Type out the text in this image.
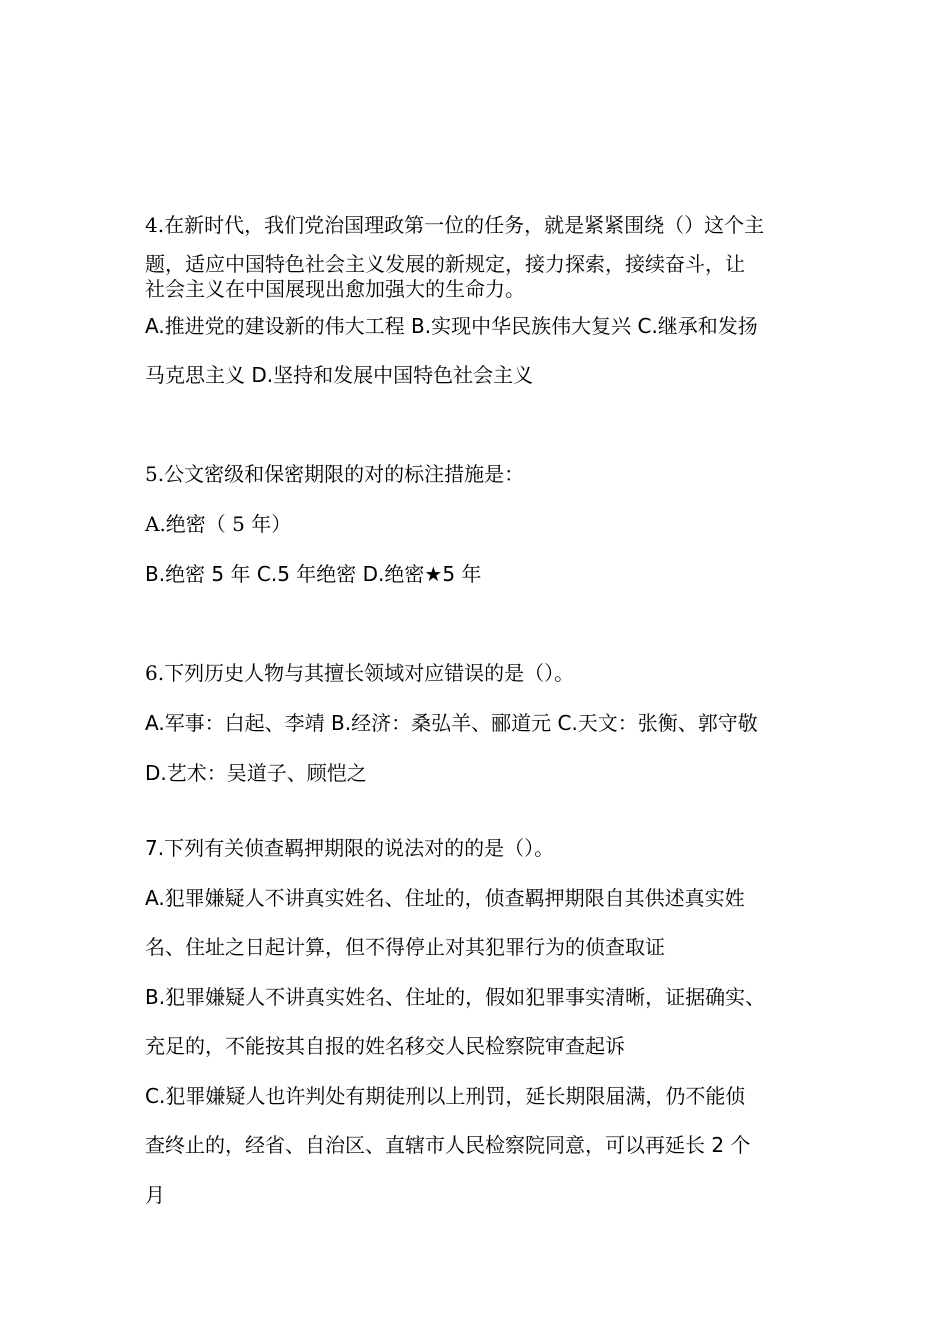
4.在新时代，我们党治国理政第一位的任务，就是紧紧围绕（）这个主
题，适应中国特色社会主义发展的新规定，接力探索，接续奋斗，让
社会主义在中国展现出愈加强大的生命力。
A.推进党的建设新的伟大工程 B.实现中华民族伟大复兴 C.继承和发扬
马克思主义 D.坚持和发展中国特色社会主义
5.公文密级和保密期限的对的标注措施是：
A.绝密（ 5 年）
B.绝密 5 年 C.5 年绝密 D.绝密★5 年
6.下列历史人物与其擅长领域对应错误的是（）。
A.军事：白起、李靖 B.经济：桑弘羊、郦道元 C.天文：张衡、郭守敬
D.艺术：吴道子、顾恺之
7.下列有关侦查羁押期限的说法对的的是（）。
A.犯罪嫌疑人不讲真实姓名、住址的，侦查羁押期限自其供述真实姓
名、住址之日起计算，但不得停止对其犯罪行为的侦查取证
B.犯罪嫌疑人不讲真实姓名、住址的，假如犯罪事实清晰，证据确实、
充足的，不能按其自报的姓名移交人民检察院审查起诉
C.犯罪嫌疑人也许判处有期徒刑以上刑罚，延长期限届满，仍不能侦
查终止的，经省、自治区、直辖市人民检察院同意，可以再延长 2 个
月
